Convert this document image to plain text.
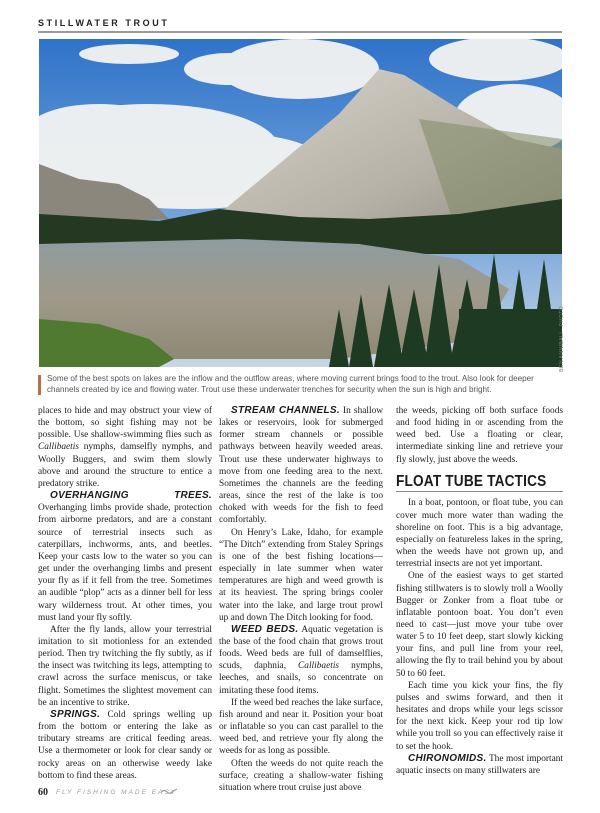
STILLWATER TROUT
BEN ANNIBALI · PHOTO
Some of the best spots on lakes are the inflow and the outflow areas, where moving current brings food to the trout. Also look for deeper channels created by ice and flowing water. Trout use these underwater trenches for security when the sun is high and bright.

places to hide and may obstruct your view of the bottom, so sight fishing may not be possible. Use shallow-swimming flies such as Callibaetis nymphs, damselfly nymphs, and Woolly Buggers, and swim them slowly above and around the structure to entice a predatory strike.

OVERHANGING TREES. Overhanging limbs provide shade, protection from airborne predators, and are a constant source of terrestrial insects such as caterpillars, inchworms, ants, and beetles. Keep your casts low to the water so you can get under the overhanging limbs and present your fly as if it fell from the tree. Sometimes an audible “plop” acts as a dinner bell for less wary wilderness trout. At other times, you must land your fly softly.

After the fly lands, allow your terrestrial imitation to sit motionless for an extended period. Then try twitching the fly subtly, as if the insect was twitching its legs, attempting to crawl across the surface meniscus, or take flight. Sometimes the slightest movement can be an incentive to strike.

SPRINGS. Cold springs welling up from the bottom or entering the lake as tributary streams are critical feeding areas. Use a thermometer or look for clear sandy or rocky areas on an otherwise weedy lake bottom to find these areas.

STREAM CHANNELS. In shallow lakes or reservoirs, look for submerged former stream channels or possible pathways between heavily weeded areas. Trout use these underwater highways to move from one feeding area to the next. Sometimes the channels are the feeding areas, since the rest of the lake is too choked with weeds for the fish to feed comfortably.

On Henry’s Lake, Idaho, for example “The Ditch” extending from Staley Springs is one of the best fishing locations—especially in late summer when water temperatures are high and weed growth is at its heaviest. The spring brings cooler water into the lake, and large trout prowl up and down The Ditch looking for food.

WEED BEDS. Aquatic vegetation is the base of the food chain that grows trout foods. Weed beds are full of damselflies, scuds, daphnia, Callibaetis nymphs, leeches, and snails, so concentrate on imitating these food items.

If the weed bed reaches the lake surface, fish around and near it. Position your boat or inflatable so you can cast parallel to the weed bed, and retrieve your fly along the weeds for as long as possible.

Often the weeds do not quite reach the surface, creating a shallow-water fishing situation where trout cruise just above

the weeds, picking off both surface foods and food hiding in or ascending from the weed bed. Use a floating or clear, intermediate sinking line and retrieve your fly slowly, just above the weeds.

FLOAT TUBE TACTICS

In a boat, pontoon, or float tube, you can cover much more water than wading the shoreline on foot. This is a big advantage, especially on featureless lakes in the spring, when the weeds have not grown up, and terrestrial insects are not yet important.

One of the easiest ways to get started fishing stillwaters is to slowly troll a Woolly Bugger or Zonker from a float tube or inflatable pontoon boat. You don’t even need to cast—just move your tube over water 5 to 10 feet deep, start slowly kicking your fins, and pull line from your reel, allowing the fly to trail behind you by about 50 to 60 feet.

Each time you kick your fins, the fly pulses and swims forward, and then it hesitates and drops while your legs scissor for the next kick. Keep your rod tip low while you troll so you can effectively raise it to set the hook.

CHIRONOMIDS. The most important aquatic insects on many stillwaters are

60 FLY FISHING MADE EASY
